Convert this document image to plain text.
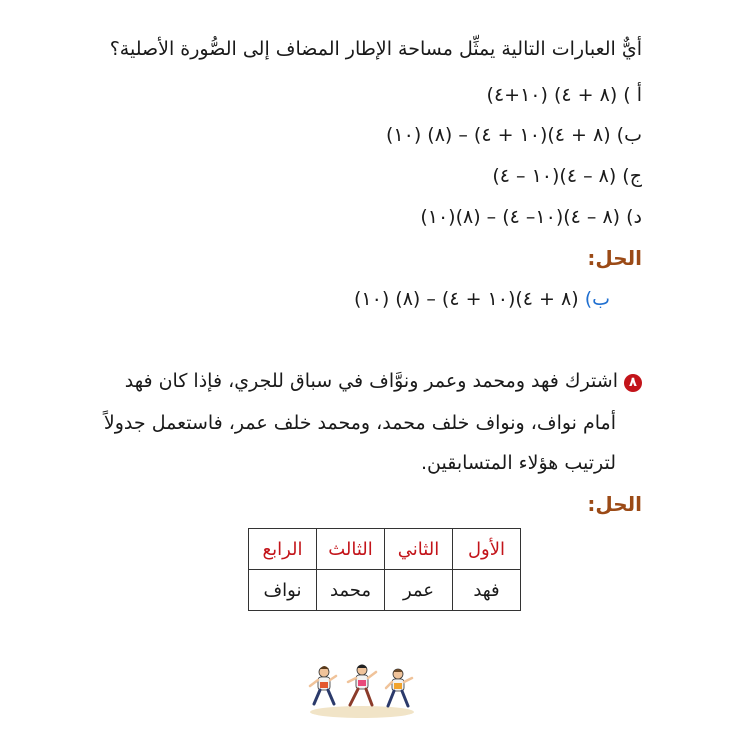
أيٌّ العبارات التالية يمثِّل مساحة الإطار المضاف إلى الصُّورة الأصلية؟
أ ) (٨ + ٤) (١٠+٤)
ب) (٨ + ٤)(١٠ + ٤) – (٨) (١٠)
ج) (٨ – ٤)(١٠ – ٤)
د) (٨ – ٤)(١٠– ٤) – (٨)(١٠)
الحل:
ب) (٨ + ٤)(١٠ + ٤) – (٨) (١٠)
٨اشترك فهد ومحمد وعمر ونوَّاف في سباق للجري، فإذا كان فهد
أمام نواف، ونواف خلف محمد، ومحمد خلف عمر، فاستعمل جدولاً
لترتيب هؤلاء المتسابقين.
الحل:
الأول	الثاني	الثالث	الرابع
فهد	عمر	محمد	نواف
